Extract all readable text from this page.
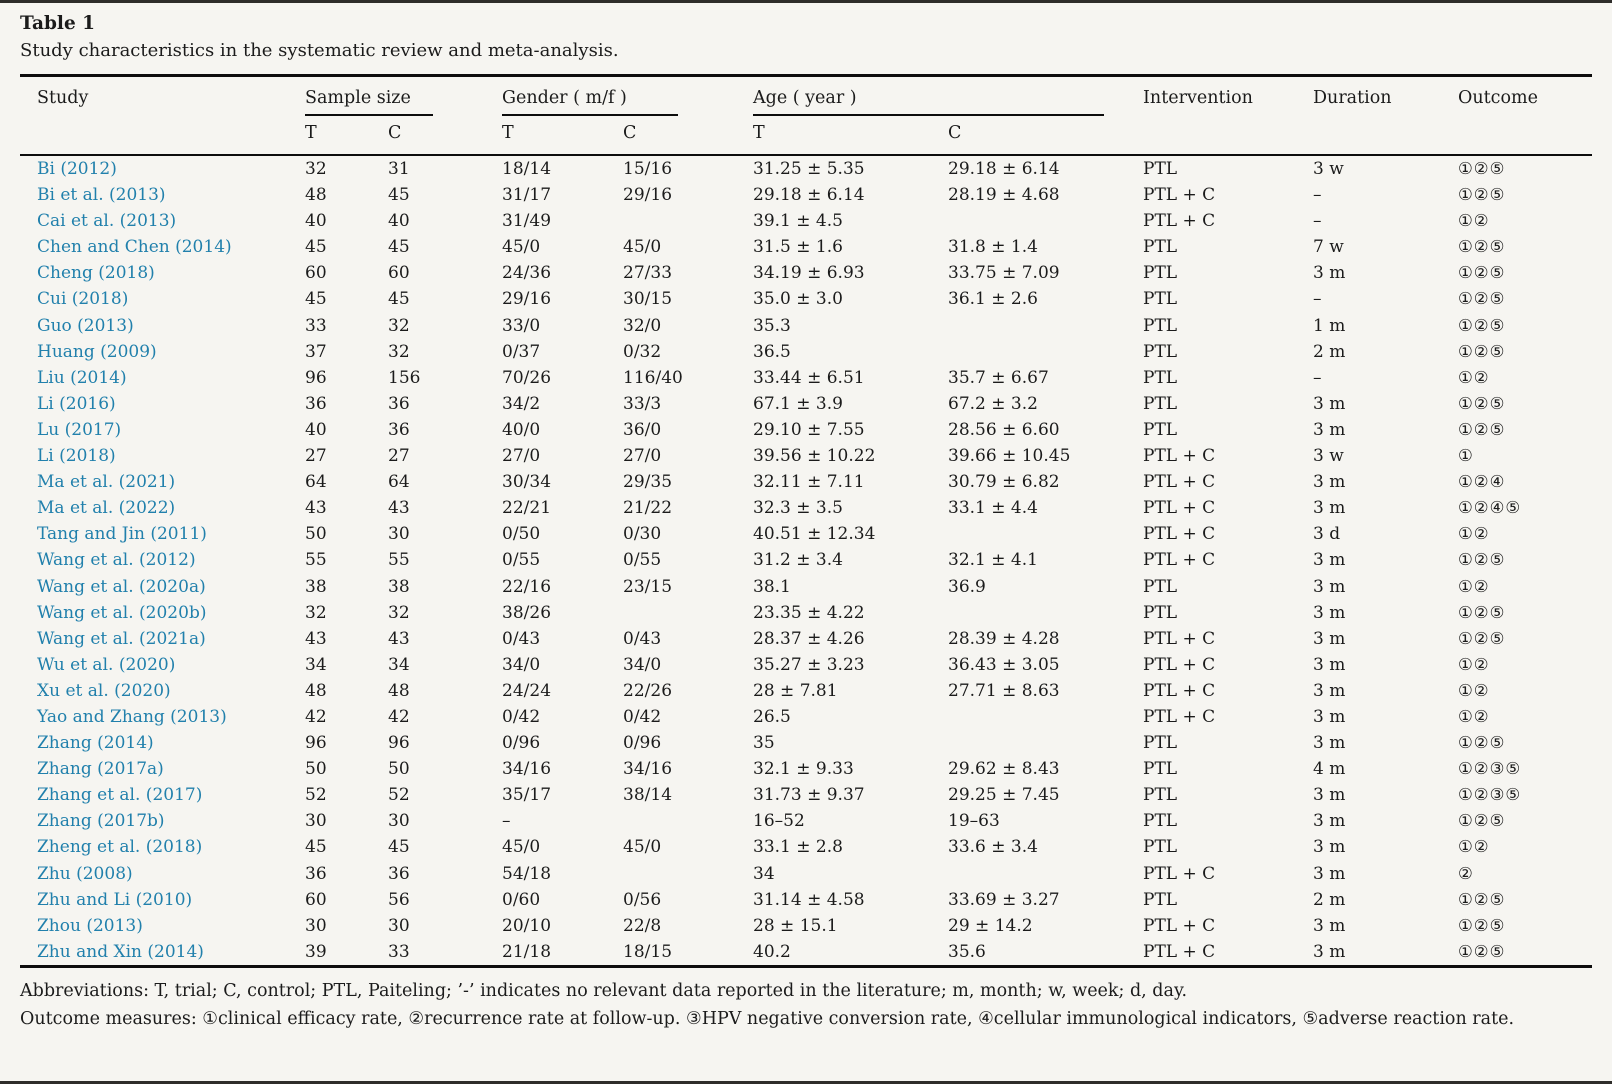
Table 1

Study characteristics in the systematic review and meta-analysis.

Study	Sample size		Gender ( m/f )		Age ( year )		Intervention	Duration	Outcome
	T	C	T	C	T	C			
Bi (2012)	32	31	18/14	15/16	31.25 ± 5.35	29.18 ± 6.14	PTL	3 w	①②⑤
Bi et al. (2013)	48	45	31/17	29/16	29.18 ± 6.14	28.19 ± 4.68	PTL + C	–	①②⑤
Cai et al. (2013)	40	40	31/49		39.1 ± 4.5		PTL + C	–	①②
Chen and Chen (2014)	45	45	45/0	45/0	31.5 ± 1.6	31.8 ± 1.4	PTL	7 w	①②⑤
Cheng (2018)	60	60	24/36	27/33	34.19 ± 6.93	33.75 ± 7.09	PTL	3 m	①②⑤
Cui (2018)	45	45	29/16	30/15	35.0 ± 3.0	36.1 ± 2.6	PTL	–	①②⑤
Guo (2013)	33	32	33/0	32/0	35.3		PTL	1 m	①②⑤
Huang (2009)	37	32	0/37	0/32	36.5		PTL	2 m	①②⑤
Liu (2014)	96	156	70/26	116/40	33.44 ± 6.51	35.7 ± 6.67	PTL	–	①②
Li (2016)	36	36	34/2	33/3	67.1 ± 3.9	67.2 ± 3.2	PTL	3 m	①②⑤
Lu (2017)	40	36	40/0	36/0	29.10 ± 7.55	28.56 ± 6.60	PTL	3 m	①②⑤
Li (2018)	27	27	27/0	27/0	39.56 ± 10.22	39.66 ± 10.45	PTL + C	3 w	①
Ma et al. (2021)	64	64	30/34	29/35	32.11 ± 7.11	30.79 ± 6.82	PTL + C	3 m	①②④
Ma et al. (2022)	43	43	22/21	21/22	32.3 ± 3.5	33.1 ± 4.4	PTL + C	3 m	①②④⑤
Tang and Jin (2011)	50	30	0/50	0/30	40.51 ± 12.34		PTL + C	3 d	①②
Wang et al. (2012)	55	55	0/55	0/55	31.2 ± 3.4	32.1 ± 4.1	PTL + C	3 m	①②⑤
Wang et al. (2020a)	38	38	22/16	23/15	38.1	36.9	PTL	3 m	①②
Wang et al. (2020b)	32	32	38/26		23.35 ± 4.22		PTL	3 m	①②⑤
Wang et al. (2021a)	43	43	0/43	0/43	28.37 ± 4.26	28.39 ± 4.28	PTL + C	3 m	①②⑤
Wu et al. (2020)	34	34	34/0	34/0	35.27 ± 3.23	36.43 ± 3.05	PTL + C	3 m	①②
Xu et al. (2020)	48	48	24/24	22/26	28 ± 7.81	27.71 ± 8.63	PTL + C	3 m	①②
Yao and Zhang (2013)	42	42	0/42	0/42	26.5		PTL + C	3 m	①②
Zhang (2014)	96	96	0/96	0/96	35		PTL	3 m	①②⑤
Zhang (2017a)	50	50	34/16	34/16	32.1 ± 9.33	29.62 ± 8.43	PTL	4 m	①②③⑤
Zhang et al. (2017)	52	52	35/17	38/14	31.73 ± 9.37	29.25 ± 7.45	PTL	3 m	①②③⑤
Zhang (2017b)	30	30	–		16–52	19–63	PTL	3 m	①②⑤
Zheng et al. (2018)	45	45	45/0	45/0	33.1 ± 2.8	33.6 ± 3.4	PTL	3 m	①②
Zhu (2008)	36	36	54/18		34		PTL + C	3 m	②
Zhu and Li (2010)	60	56	0/60	0/56	31.14 ± 4.58	33.69 ± 3.27	PTL	2 m	①②⑤
Zhou (2013)	30	30	20/10	22/8	28 ± 15.1	29 ± 14.2	PTL + C	3 m	①②⑤
Zhu and Xin (2014)	39	33	21/18	18/15	40.2	35.6	PTL + C	3 m	①②⑤

Abbreviations: T, trial; C, control; PTL, Paiteling; ’-’ indicates no relevant data reported in the literature; m, month; w, week; d, day.

Outcome measures: ①clinical efficacy rate, ②recurrence rate at follow-up. ③HPV negative conversion rate, ④cellular immunological indicators, ⑤adverse reaction rate.
